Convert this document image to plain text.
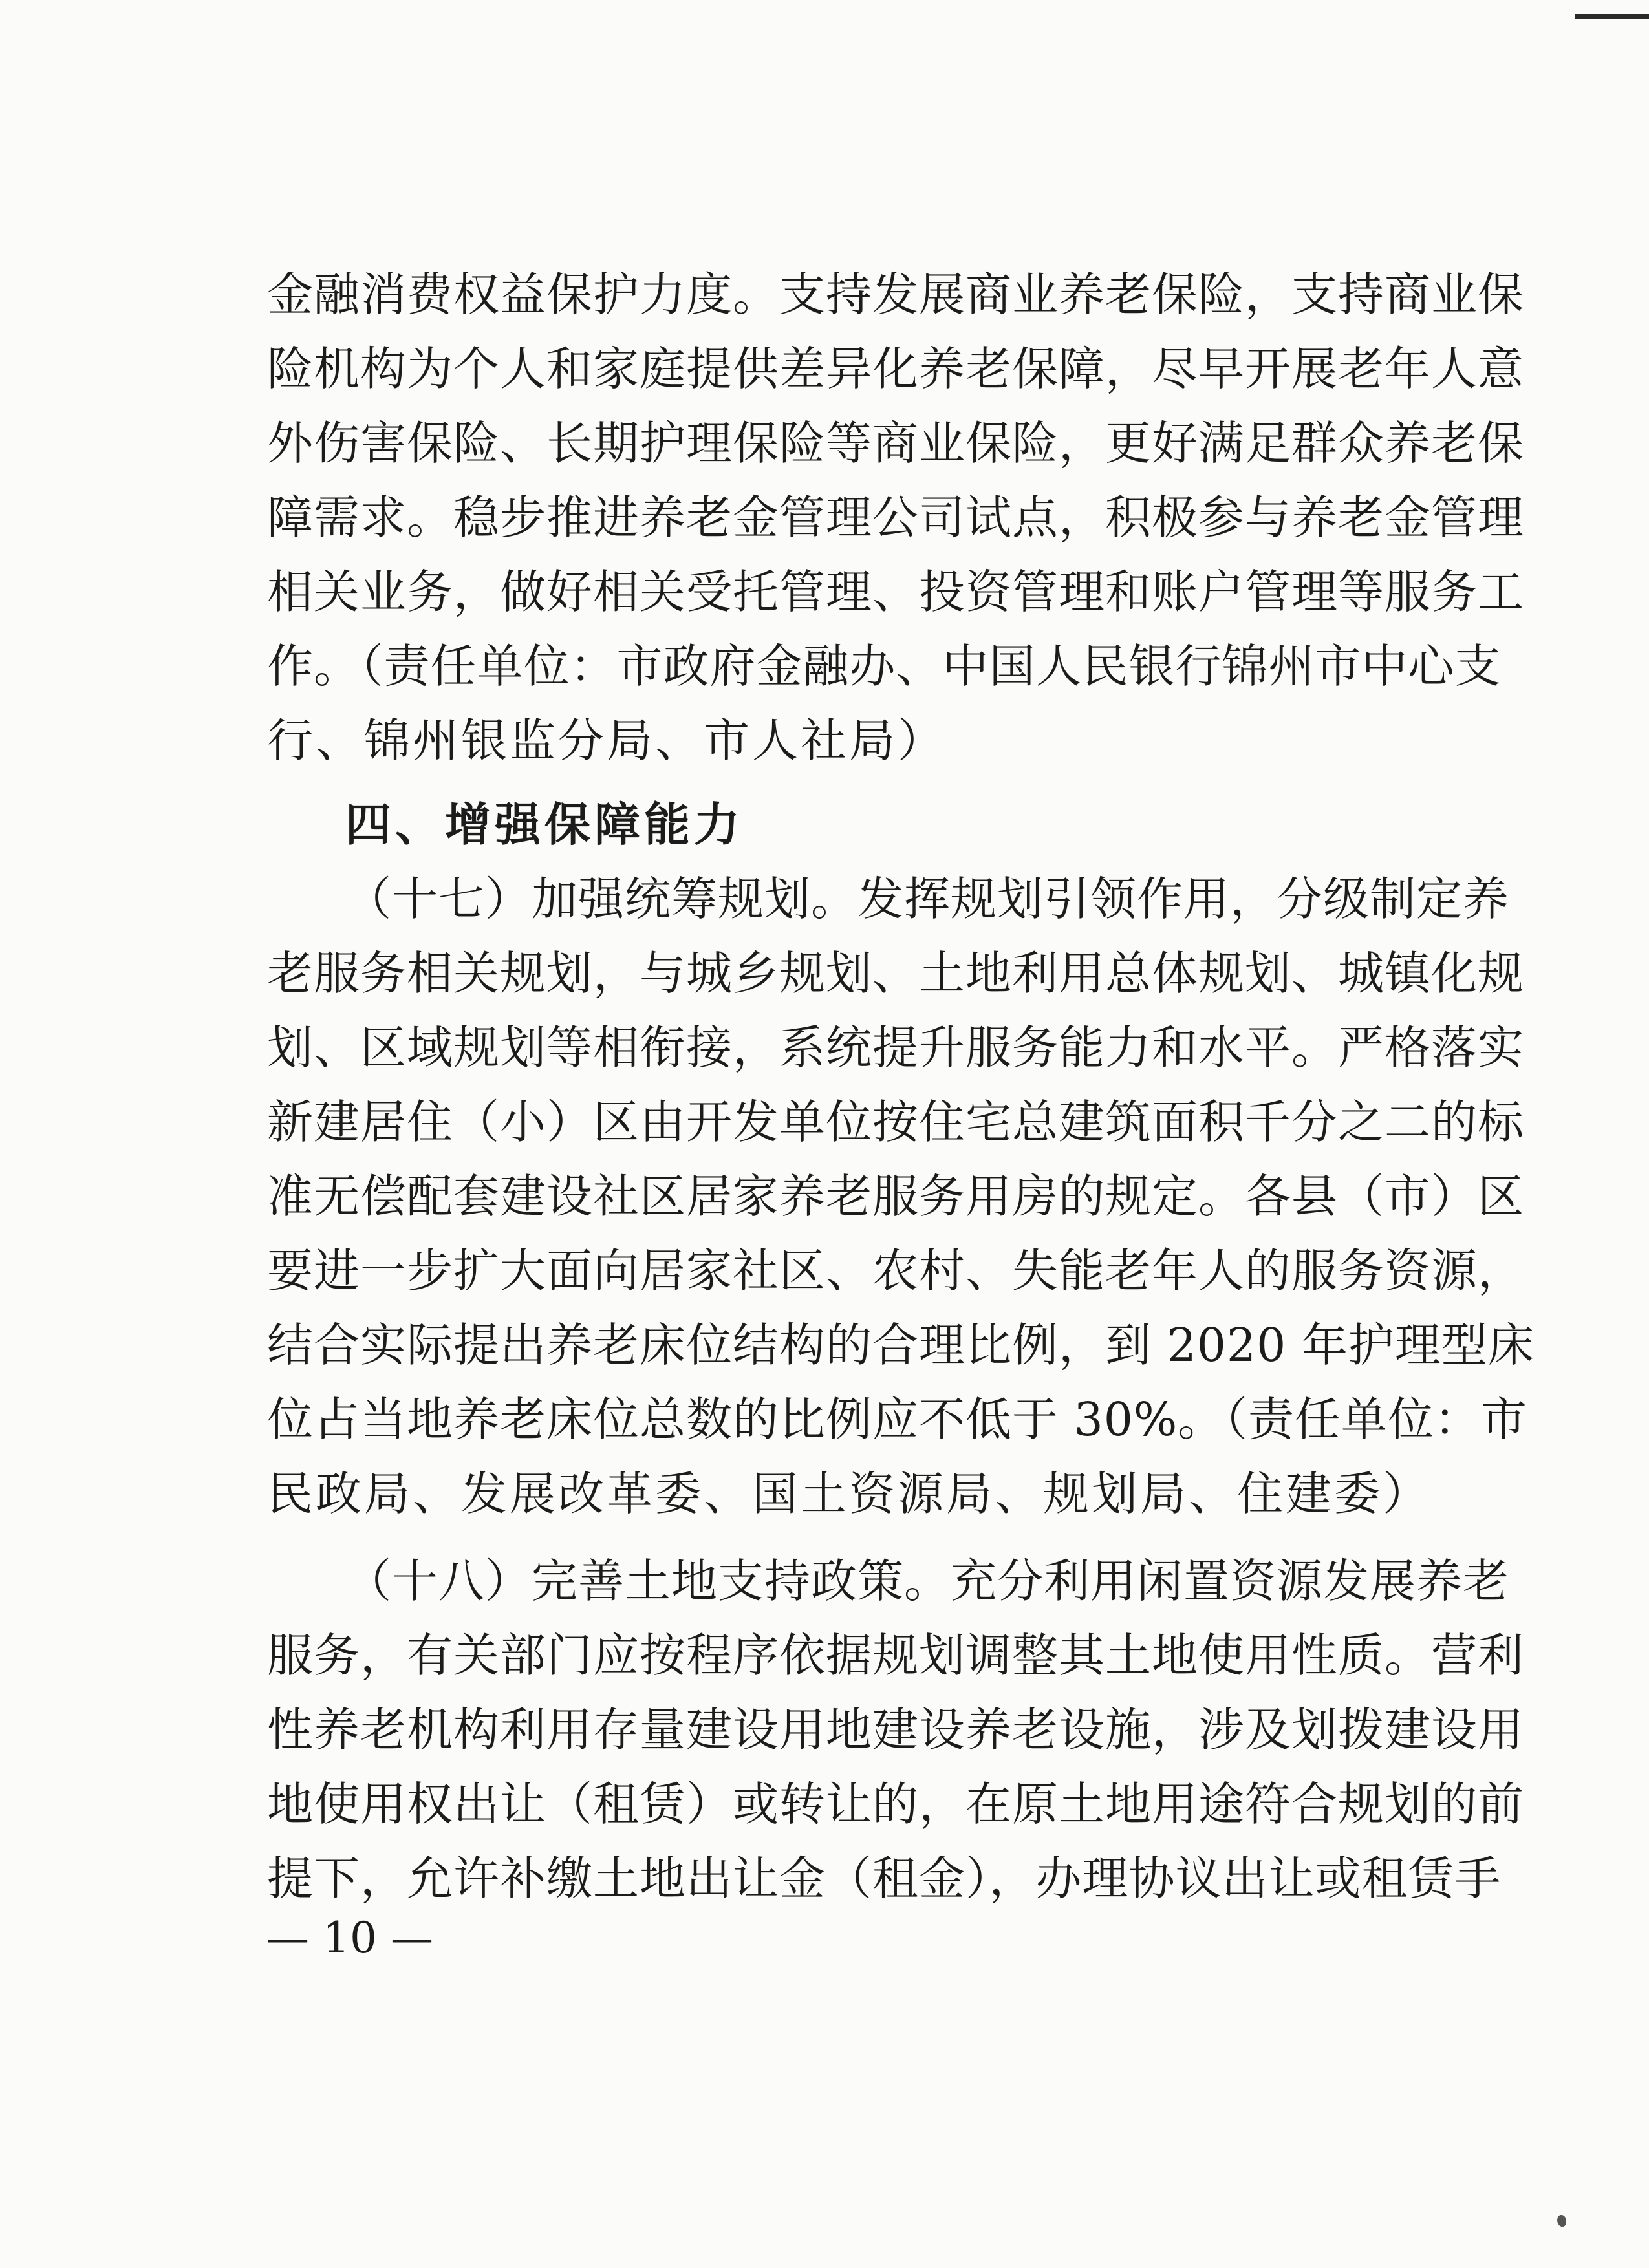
金融消费权益保护力度。支持发展商业养老保险，支持商业保
险机构为个人和家庭提供差异化养老保障，尽早开展老年人意
外伤害保险、长期护理保险等商业保险，更好满足群众养老保
障需求。稳步推进养老金管理公司试点，积极参与养老金管理
相关业务，做好相关受托管理、投资管理和账户管理等服务工
作。（责任单位：市政府金融办、中国人民银行锦州市中心支
行、锦州银监分局、市人社局）
四、增强保障能力
（十七）加强统筹规划。发挥规划引领作用，分级制定养
老服务相关规划，与城乡规划、土地利用总体规划、城镇化规
划、区域规划等相衔接，系统提升服务能力和水平。严格落实
新建居住（小）区由开发单位按住宅总建筑面积千分之二的标
准无偿配套建设社区居家养老服务用房的规定。各县（市）区
要进一步扩大面向居家社区、农村、失能老年人的服务资源，
结合实际提出养老床位结构的合理比例，到 2020 年护理型床
位占当地养老床位总数的比例应不低于 30%。（责任单位：市
民政局、发展改革委、国土资源局、规划局、住建委）
（十八）完善土地支持政策。充分利用闲置资源发展养老
服务，有关部门应按程序依据规划调整其土地使用性质。营利
性养老机构利用存量建设用地建设养老设施，涉及划拨建设用
地使用权出让（租赁）或转让的，在原土地用途符合规划的前
提下，允许补缴土地出让金（租金），办理协议出让或租赁手
— 10 —
